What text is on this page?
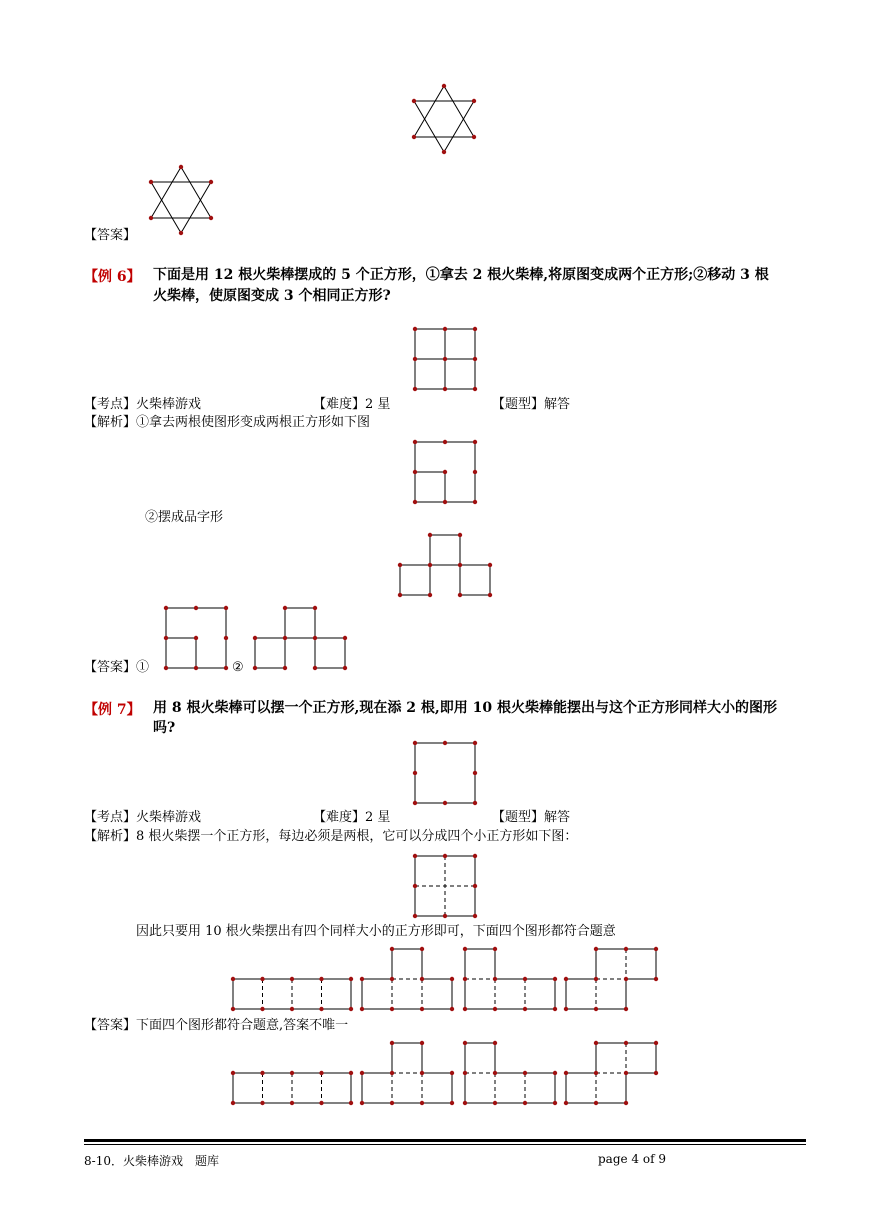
【答案】
【例 6】 下面是用 12 根火柴棒摆成的 5 个正方形，①拿去 2 根火柴棒,将原图变成两个正方形;②移动 3 根
火柴棒，使原图变成 3 个相同正方形?
【考点】火柴棒游戏	【难度】2 星	【题型】解答
【解析】①拿去两根使图形变成两根正方形如下图
②摆成品字形
【答案】①	②
【例 7】 用 8 根火柴棒可以摆一个正方形,现在添 2 根,即用 10 根火柴棒能摆出与这个正方形同样大小的图形
吗?
【考点】火柴棒游戏	【难度】2 星	【题型】解答
【解析】8 根火柴摆一个正方形，每边必须是两根，它可以分成四个小正方形如下图：
因此只要用 10 根火柴摆出有四个同样大小的正方形即可，下面四个图形都符合题意
【答案】下面四个图形都符合题意,答案不唯一
8-10．火柴棒游戏　题库	page 4 of 9
